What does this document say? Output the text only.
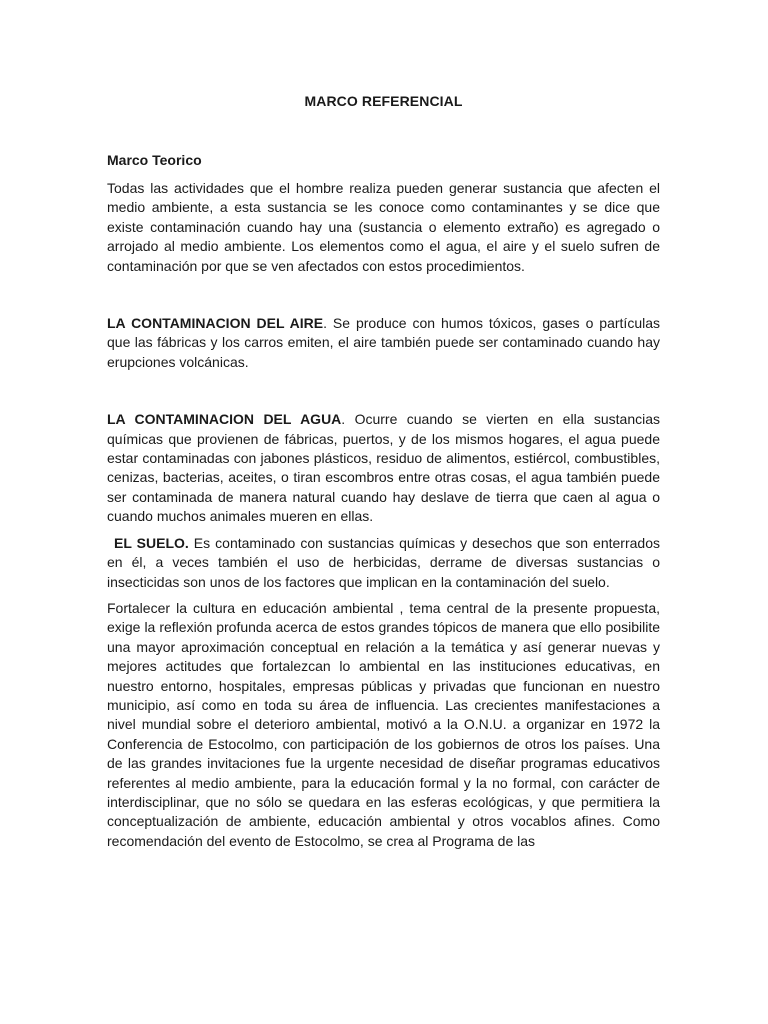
MARCO REFERENCIAL
Marco Teorico

Todas las actividades que el hombre realiza pueden generar sustancia que afecten el medio ambiente, a esta sustancia se les conoce como contaminantes y se dice que existe contaminación cuando hay una (sustancia o elemento extraño) es agregado o arrojado al medio ambiente. Los elementos como el agua, el aire y el suelo sufren de contaminación por que se ven afectados con estos procedimientos.

LA CONTAMINACION DEL AIRE. Se produce con humos tóxicos, gases o partículas que las fábricas y los carros emiten, el aire también puede ser contaminado cuando hay erupciones volcánicas.

LA CONTAMINACION DEL AGUA. Ocurre cuando se vierten en ella sustancias químicas que provienen de fábricas, puertos, y de los mismos hogares, el agua puede estar contaminadas con jabones plásticos, residuo de alimentos, estiércol, combustibles, cenizas, bacterias, aceites, o tiran escombros entre otras cosas, el agua también puede ser contaminada de manera natural cuando hay deslave de tierra que caen al agua o cuando muchos animales mueren en ellas.

EL SUELO. Es contaminado con sustancias químicas y desechos que son enterrados en él, a veces también el uso de herbicidas, derrame de diversas sustancias o insecticidas son unos de los factores que implican en la contaminación del suelo.

Fortalecer la cultura en educación ambiental , tema central de la presente propuesta, exige la reflexión profunda acerca de estos grandes tópicos de manera que ello posibilite una mayor aproximación conceptual en relación a la temática y así generar nuevas y mejores actitudes que fortalezcan lo ambiental en las instituciones educativas, en nuestro entorno, hospitales, empresas públicas y privadas que funcionan en nuestro municipio, así como en toda su área de influencia. Las crecientes manifestaciones a nivel mundial sobre el deterioro ambiental, motivó a la O.N.U. a organizar en 1972 la Conferencia de Estocolmo, con participación de los gobiernos de otros los países. Una de las grandes invitaciones fue la urgente necesidad de diseñar programas educativos referentes al medio ambiente, para la educación formal y la no formal, con carácter de interdisciplinar, que no sólo se quedara en las esferas ecológicas, y que permitiera la conceptualización de ambiente, educación ambiental y otros vocablos afines. Como recomendación del evento de Estocolmo, se crea al Programa de las
